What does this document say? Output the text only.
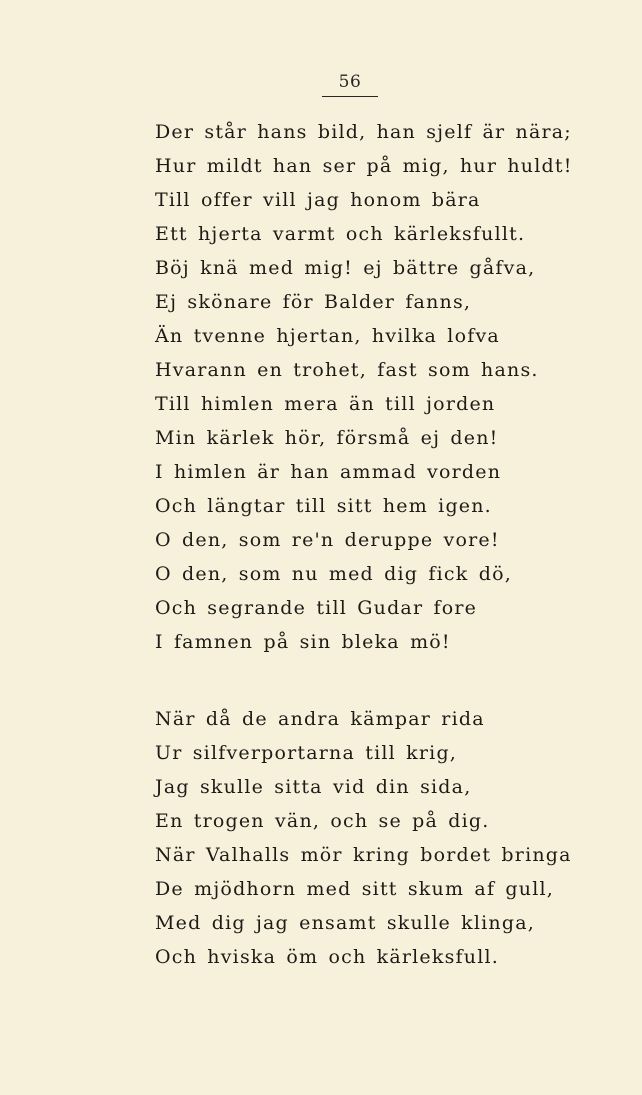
56
Der står hans bild, han sjelf är nära;
Hur mildt han ser på mig, hur huldt!
Till offer vill jag honom bära
Ett hjerta varmt och kärleksfullt.
Böj knä med mig! ej bättre gåfva,
Ej skönare för Balder fanns,
Än tvenne hjertan, hvilka lofva
Hvarann en trohet, fast som hans.
Till himlen mera än till jorden
Min kärlek hör, försmå ej den!
I himlen är han ammad vorden
Och längtar till sitt hem igen.
O den, som re'n deruppe vore!
O den, som nu med dig fick dö,
Och segrande till Gudar fore
I famnen på sin bleka mö!
När då de andra kämpar rida
Ur silfverportarna till krig,
Jag skulle sitta vid din sida,
En trogen vän, och se på dig.
När Valhalls mör kring bordet bringa
De mjödhorn med sitt skum af gull,
Med dig jag ensamt skulle klinga,
Och hviska öm och kärleksfull.
